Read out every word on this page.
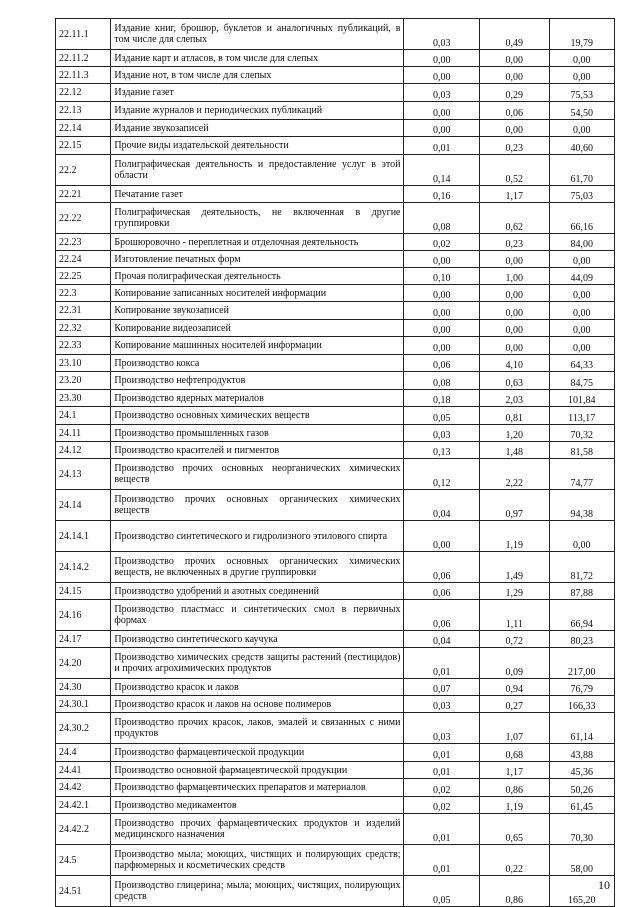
22.11.1	Издание книг, брошюр, буклетов и аналогичных публикаций, в том числе для слепых	0,03	0,49	19,79
22.11.2	Издание карт и атласов, в том числе для слепых	0,00	0,00	0,00
22.11.3	Издание нот, в том числе для слепых	0,00	0,00	0,00
22.12	Издание газет	0,03	0,29	75,53
22.13	Издание журналов и периодических публикаций	0,00	0,06	54,50
22.14	Издание звукозаписей	0,00	0,00	0,00
22.15	Прочие виды издательской деятельности	0,01	0,23	40,60
22.2	Полиграфическая деятельность и предоставление услуг в этой области	0,14	0,52	61,70
22.21	Печатание газет	0,16	1,17	75,03
22.22	Полиграфическая деятельность, не включенная в другие группировки	0,08	0,62	66,16
22.23	Брошюровочно - переплетная и отделочная деятельность	0,02	0,23	84,00
22.24	Изготовление печатных форм	0,00	0,00	0,00
22.25	Прочая полиграфическая деятельность	0,10	1,00	44,09
22.3	Копирование записанных носителей информации	0,00	0,00	0,00
22.31	Копирование звукозаписей	0,00	0,00	0,00
22.32	Копирование видеозаписей	0,00	0,00	0,00
22.33	Копирование машинных носителей информации	0,00	0,00	0,00
23.10	Производство кокса	0,06	4,10	64,33
23.20	Производство нефтепродуктов	0,08	0,63	84,75
23.30	Производство ядерных материалов	0,18	2,03	101,84
24.1	Производство основных химических веществ	0,05	0,81	113,17
24.11	Производство промышленных газов	0,03	1,20	70,32
24.12	Производство красителей и пигментов	0,13	1,48	81,58
24.13	Производство прочих основных неорганических химических веществ	0,12	2,22	74,77
24.14	Производство прочих основных органических химических веществ	0,04	0,97	94,38
24.14.1	Производство синтетического и гидролизного этилового спирта	0,00	1,19	0,00
24.14.2	Производство прочих основных органических химических веществ, не включенных в другие группировки	0,06	1,49	81,72
24.15	Производство удобрений и азотных соединений	0,06	1,29	87,88
24.16	Производство пластмасс и синтетических смол в первичных формах	0,06	1,11	66,94
24.17	Производство синтетического каучука	0,04	0,72	80,23
24.20	Производство химических средств защиты растений (пестицидов) и прочих агрохимических продуктов	0,01	0,09	217,00
24.30	Производство красок и лаков	0,07	0,94	76,79
24.30.1	Производство красок и лаков на основе полимеров	0,03	0,27	166,33
24.30.2	Производство прочих красок, лаков, эмалей и связанных с ними продуктов	0,03	1,07	61,14
24.4	Производство фармацевтической продукции	0,01	0,68	43,88
24.41	Производство основной фармацевтической продукции	0,01	1,17	45,36
24.42	Производство фармацевтических препаратов и материалов	0,02	0,86	50,26
24.42.1	Производство медикаментов	0,02	1,19	61,45
24.42.2	Производство прочих фармацевтических продуктов и изделий медицинского назначения	0,01	0,65	70,30
24.5	Производство мыла; моющих, чистящих и полирующих средств; парфюмерных и косметических средств	0,01	0,22	58,00
24.51	Производство глицерина; мыла; моющих, чистящих, полирующих средств	0,05	0,86	165,20
10
